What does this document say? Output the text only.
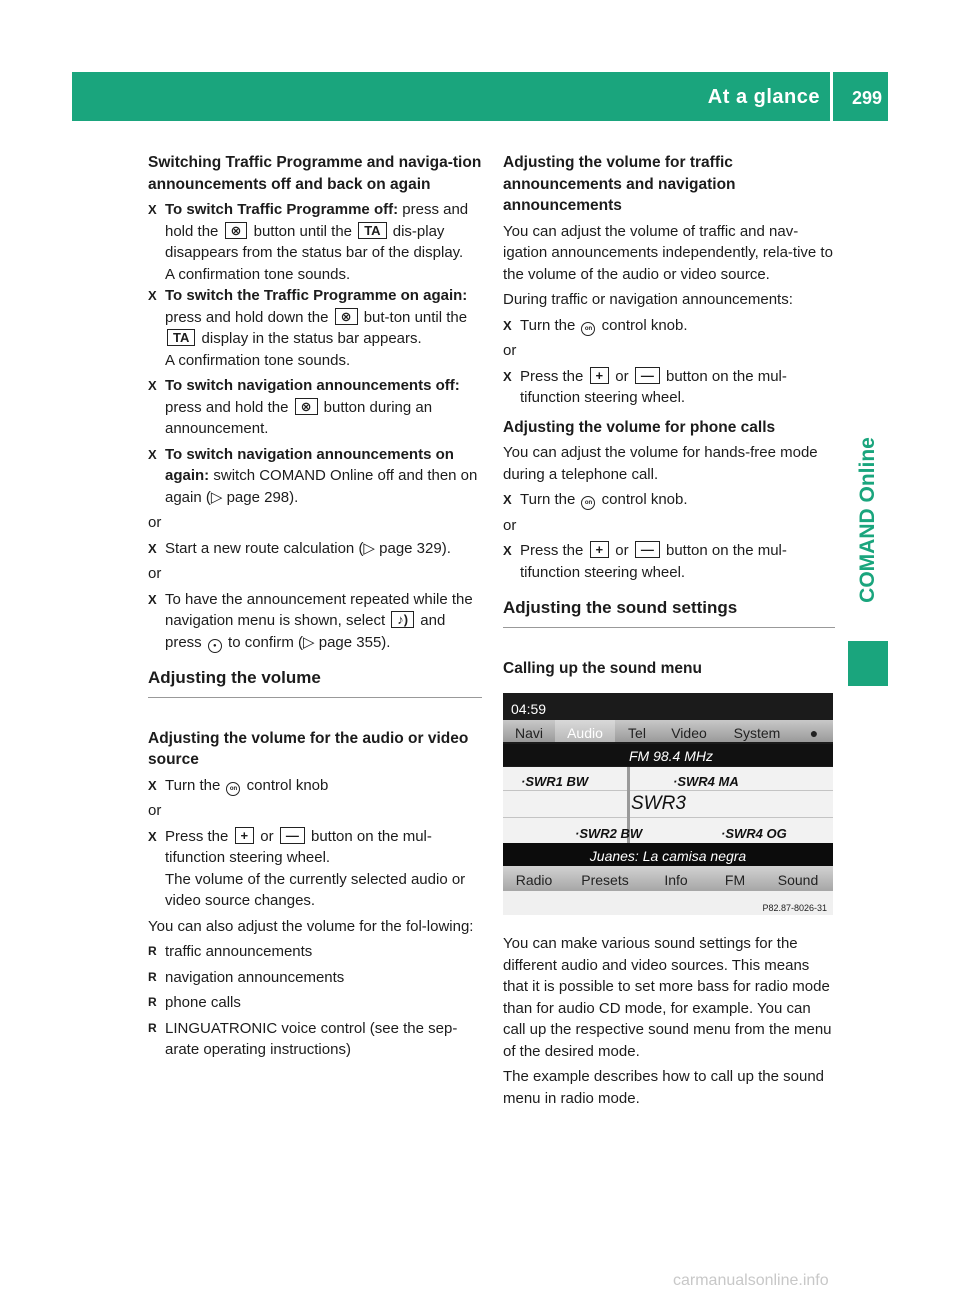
At a glance 299
COMAND Online

Switching Traffic Programme and naviga-tion announcements off and back on again

X To switch Traffic Programme off: press and hold the ⊗ button until the TA dis-play disappears from the status bar of the display.
A confirmation tone sounds.

X To switch the Traffic Programme on again: press and hold down the ⊗ but-ton until the TA display in the status bar appears.
A confirmation tone sounds.

X To switch navigation announcements off: press and hold the ⊗ button during an announcement.

X To switch navigation announcements on again: switch COMAND Online off and then on again (▷ page 298).

or

X Start a new route calculation (▷ page 329).

or

X To have the announcement repeated while the navigation menu is shown, select ♪) and press ● to confirm (▷ page 355).

Adjusting the volume

Adjusting the volume for the audio or video source

X Turn the on control knob

or

X Press the + or — button on the mul-tifunction steering wheel.
The volume of the currently selected audio or video source changes.

You can also adjust the volume for the fol-lowing:

R traffic announcements

R navigation announcements

R phone calls

R LINGUATRONIC voice control (see the sep-arate operating instructions)

Adjusting the volume for traffic announcements and navigation announcements

You can adjust the volume of traffic and nav-igation announcements independently, rela-tive to the volume of the audio or video source.

During traffic or navigation announcements:

X Turn the on control knob.

or

X Press the + or — button on the mul-tifunction steering wheel.

Adjusting the volume for phone calls

You can adjust the volume for hands-free mode during a telephone call.

X Turn the on control knob.

or

X Press the + or — button on the mul-tifunction steering wheel.

Adjusting the sound settings

Calling up the sound menu

04:59
Navi	Audio	Tel	Video	System	●
FM 98.4 MHz
·SWR1 BW	·SWR4 MA
SWR3
·SWR2 BW	·SWR4 OG
Juanes: La camisa negra
Radio	Presets	Info	FM	Sound
P82.87-8026-31

You can make various sound settings for the different audio and video sources. This means that it is possible to set more bass for radio mode than for audio CD mode, for example. You can call up the respective sound menu from the menu of the desired mode.

The example describes how to call up the sound menu in radio mode.

carmanualsonline.info
